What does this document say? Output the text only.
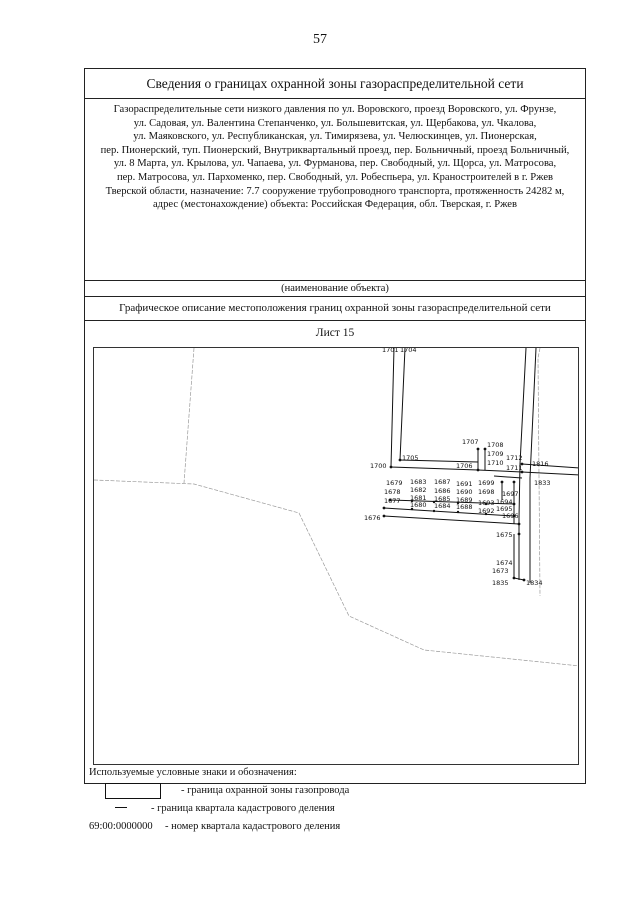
57
Сведения о границах охранной зоны газораспределительной сети
Газораспределительные сети низкого давления по ул. Воровского, проезд Воровского, ул. Фрунзе,
ул. Садовая, ул. Валентина Степанченко, ул. Большевитская, ул. Щербакова, ул. Чкалова,
ул. Маяковского, ул. Республиканская, ул. Тимирязева, ул. Челюскинцев, ул. Пионерская,
пер. Пионерский, туп. Пионерский, Внутриквартальный проезд, пер. Больничный, проезд Больничный,
ул. 8 Марта, ул. Крылова, ул. Чапаева, ул. Фурманова, пер. Свободный, ул. Щорса, ул. Матросова,
пер. Матросова, ул. Пархоменко, пер. Свободный, ул. Робеспьера, ул. Краностроителей в г. Ржев
Тверской области, назначение: 7.7 сооружение трубопроводного транспорта, протяженность 24282 м,
адрес (местонахождение) объекта: Российская Федерация, обл. Тверская, г. Ржев
(наименование объекта)
Графическое описание местоположения границ охранной зоны газораспределительной сети
Лист 15
1701 1704
1707 1708
1709 1712
1705
1700	1706 1710
1711 1816
1833
1679 1683 1687 1691 1699
1678 1682 1686 1690 1698 1697
1677 1681 1685 1689	1694
1680 1684 1688 1693
1695
1676
1692
1696
1675
1674
1673
1835	1834
Используемые условные знаки и обозначения:
- граница охранной зоны газопровода
- граница квартала кадастрового деления
69:00:0000000 - номер квартала кадастрового деления
